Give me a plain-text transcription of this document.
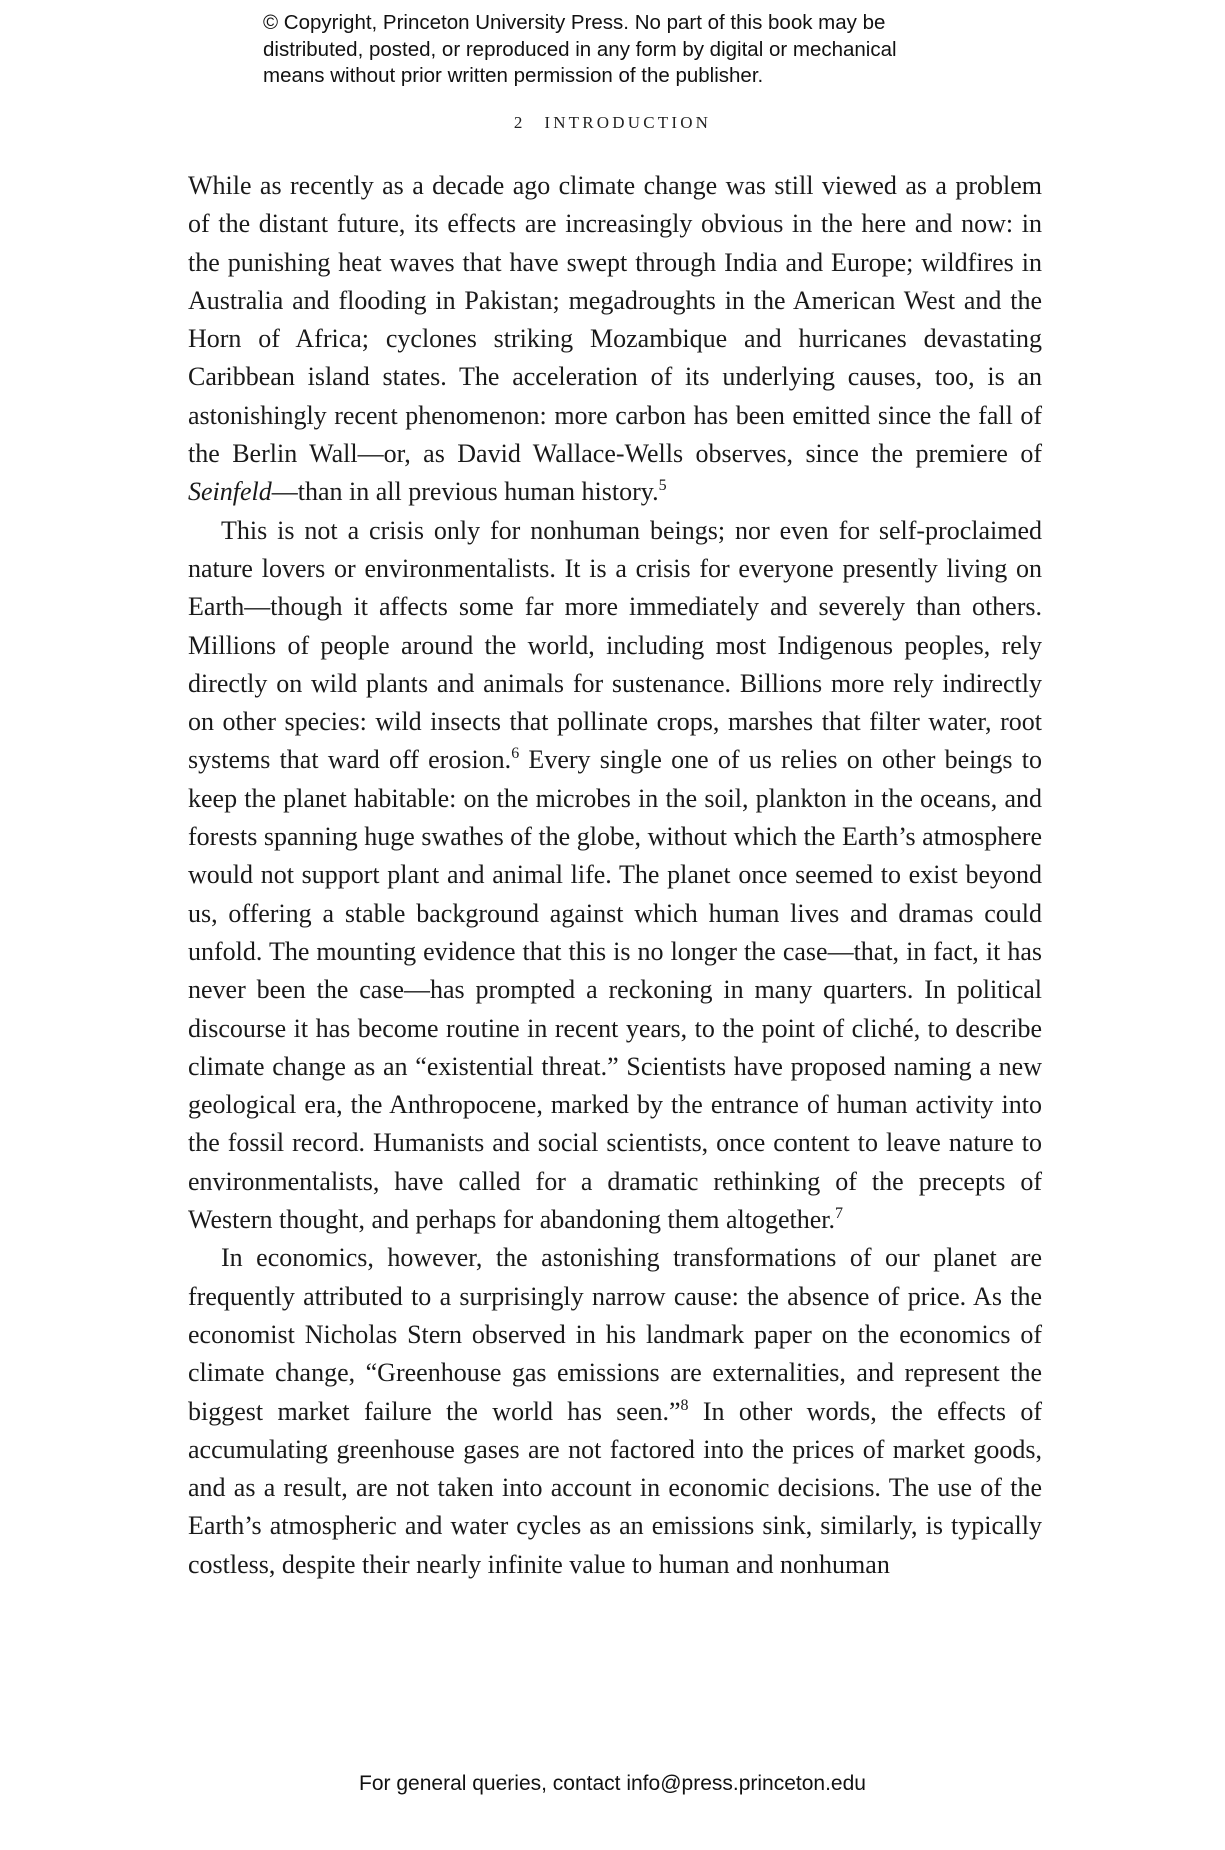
© Copyright, Princeton University Press. No part of this book may be
distributed, posted, or reproduced in any form by digital or mechanical
means without prior written permission of the publisher.
2 INTRODUCTION

While as recently as a decade ago climate change was still viewed as a problem of the distant future, its effects are increasingly obvious in the here and now: in the punishing heat waves that have swept through India and Europe; wildfires in Australia and flooding in Pakistan; megadroughts in the American West and the Horn of Africa; cyclones striking Mozambique and hurricanes devastating Caribbean island states. The acceleration of its underlying causes, too, is an astonishingly recent phenomenon: more carbon has been emitted since the fall of the Berlin Wall—or, as David Wallace-Wells observes, since the premiere of Seinfeld—than in all previous human history.$^5$

This is not a crisis only for nonhuman beings; nor even for self-proclaimed nature lovers or environmentalists. It is a crisis for everyone presently living on Earth—though it affects some far more immediately and severely than others. Millions of people around the world, including most Indigenous peoples, rely directly on wild plants and animals for sustenance. Billions more rely indirectly on other species: wild insects that pollinate crops, marshes that filter water, root systems that ward off erosion.$^6$ Every single one of us relies on other beings to keep the planet habitable: on the microbes in the soil, plankton in the oceans, and forests spanning huge swathes of the globe, without which the Earth’s atmosphere would not support plant and animal life. The planet once seemed to exist beyond us, offering a stable background against which human lives and dramas could unfold. The mounting evidence that this is no longer the case—that, in fact, it has never been the case—has prompted a reckoning in many quarters. In political discourse it has become routine in recent years, to the point of cliché, to describe climate change as an “existential threat.” Scientists have proposed naming a new geological era, the Anthropocene, marked by the entrance of human activity into the fossil record. Humanists and social scientists, once content to leave nature to environmentalists, have called for a dramatic rethinking of the precepts of Western thought, and perhaps for abandoning them altogether.$^7$

In economics, however, the astonishing transformations of our planet are frequently attributed to a surprisingly narrow cause: the absence of price. As the economist Nicholas Stern observed in his landmark paper on the economics of climate change, “Greenhouse gas emissions are externalities, and represent the biggest market failure the world has seen.”$^8$ In other words, the effects of accumulating greenhouse gases are not factored into the prices of market goods, and as a result, are not taken into account in economic decisions. The use of the Earth’s atmospheric and water cycles as an emissions sink, similarly, is typically costless, despite their nearly infinite value to human and nonhuman

For general queries, contact info@press.princeton.edu
